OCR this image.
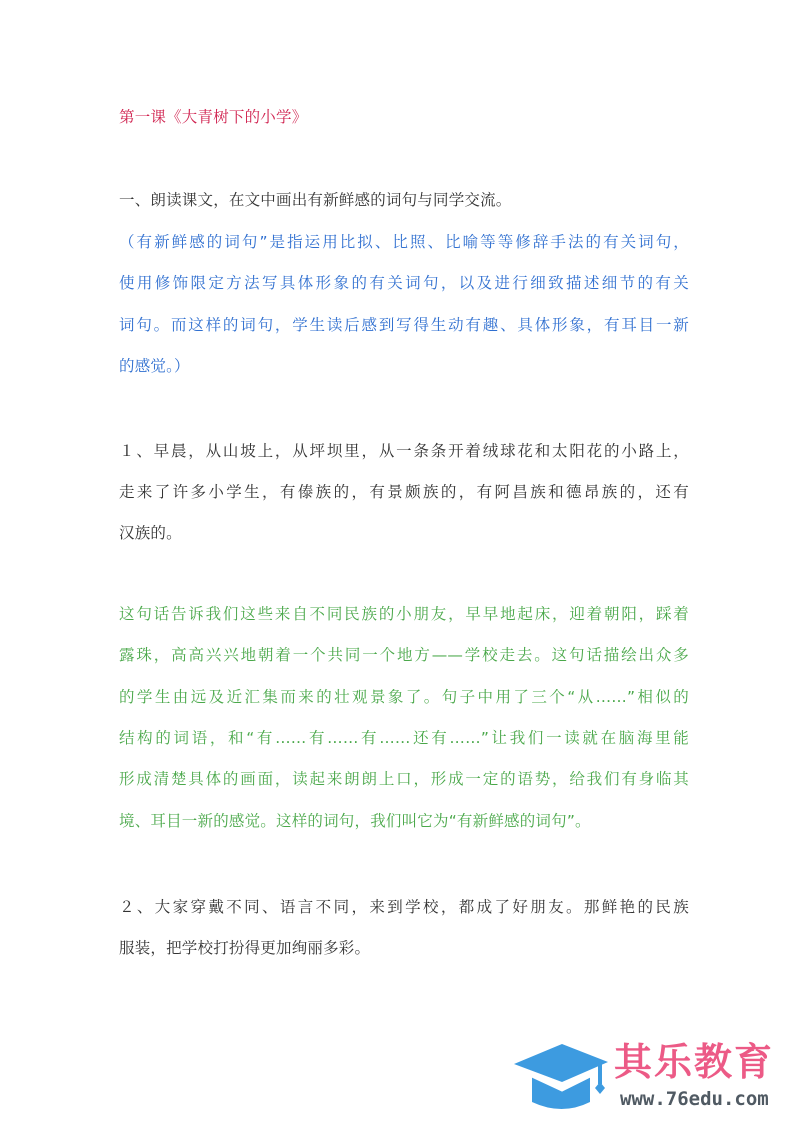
第一课《大青树下的小学》
一、朗读课文，在文中画出有新鲜感的词句与同学交流。
（有新鲜感的词句”是指运用比拟、比照、比喻等等修辞手法的有关词句，
使用修饰限定方法写具体形象的有关词句，以及进行细致描述细节的有关
词句。而这样的词句，学生读后感到写得生动有趣、具体形象，有耳目一新
的感觉。）
１、早晨，从山坡上，从坪坝里，从一条条开着绒球花和太阳花的小路上，
走来了许多小学生，有傣族的，有景颇族的，有阿昌族和德昂族的，还有
汉族的。
这句话告诉我们这些来自不同民族的小朋友，早早地起床，迎着朝阳，踩着
露珠，高高兴兴地朝着一个共同一个地方——学校走去。这句话描绘出众多
的学生由远及近汇集而来的壮观景象了。句子中用了三个“从……”相似的
结构的词语，和“有……有……有……还有……”让我们一读就在脑海里能
形成清楚具体的画面，读起来朗朗上口，形成一定的语势，给我们有身临其
境、耳目一新的感觉。这样的词句，我们叫它为“有新鲜感的词句”。
２、大家穿戴不同、语言不同，来到学校，都成了好朋友。那鲜艳的民族
服装，把学校打扮得更加绚丽多彩。
其乐教育
www.76edu.com
